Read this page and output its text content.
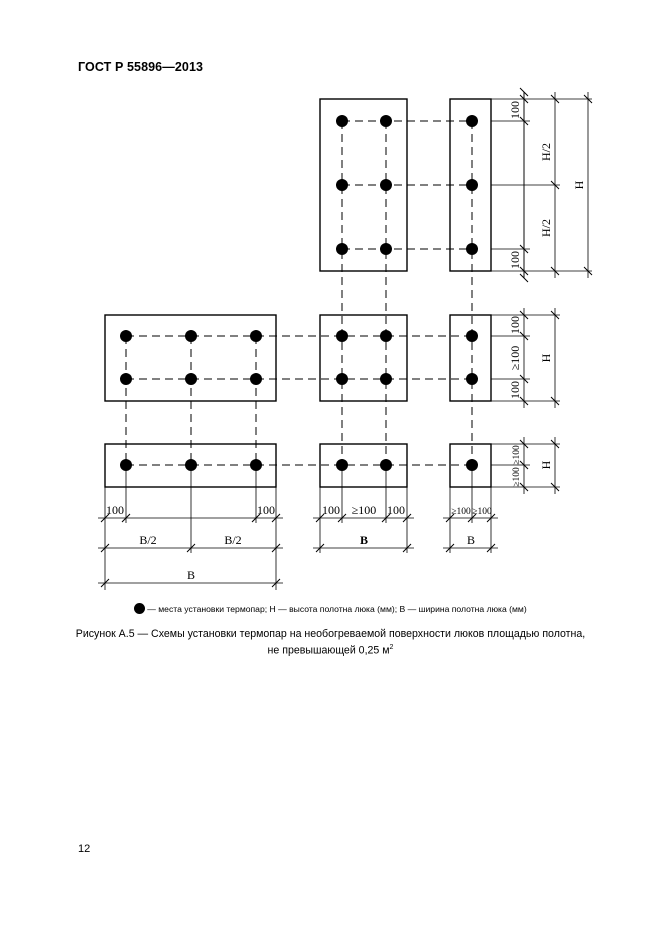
ГОСТ Р 55896—2013
100
100
H/2
H/2
H
100
≥100
100
H
≥100
≥100
H
100	100
B/2	B/2
B
100 ≥100 100
В
≥100 ≥100
В
— места установки термопар; Н — высота полотна люка (мм); В — ширина полотна люка (мм)
Рисунок А.5 — Схемы установки термопар на необогреваемой поверхности люков площадью полотна,
не превышающей 0,25 $м^2$
12
